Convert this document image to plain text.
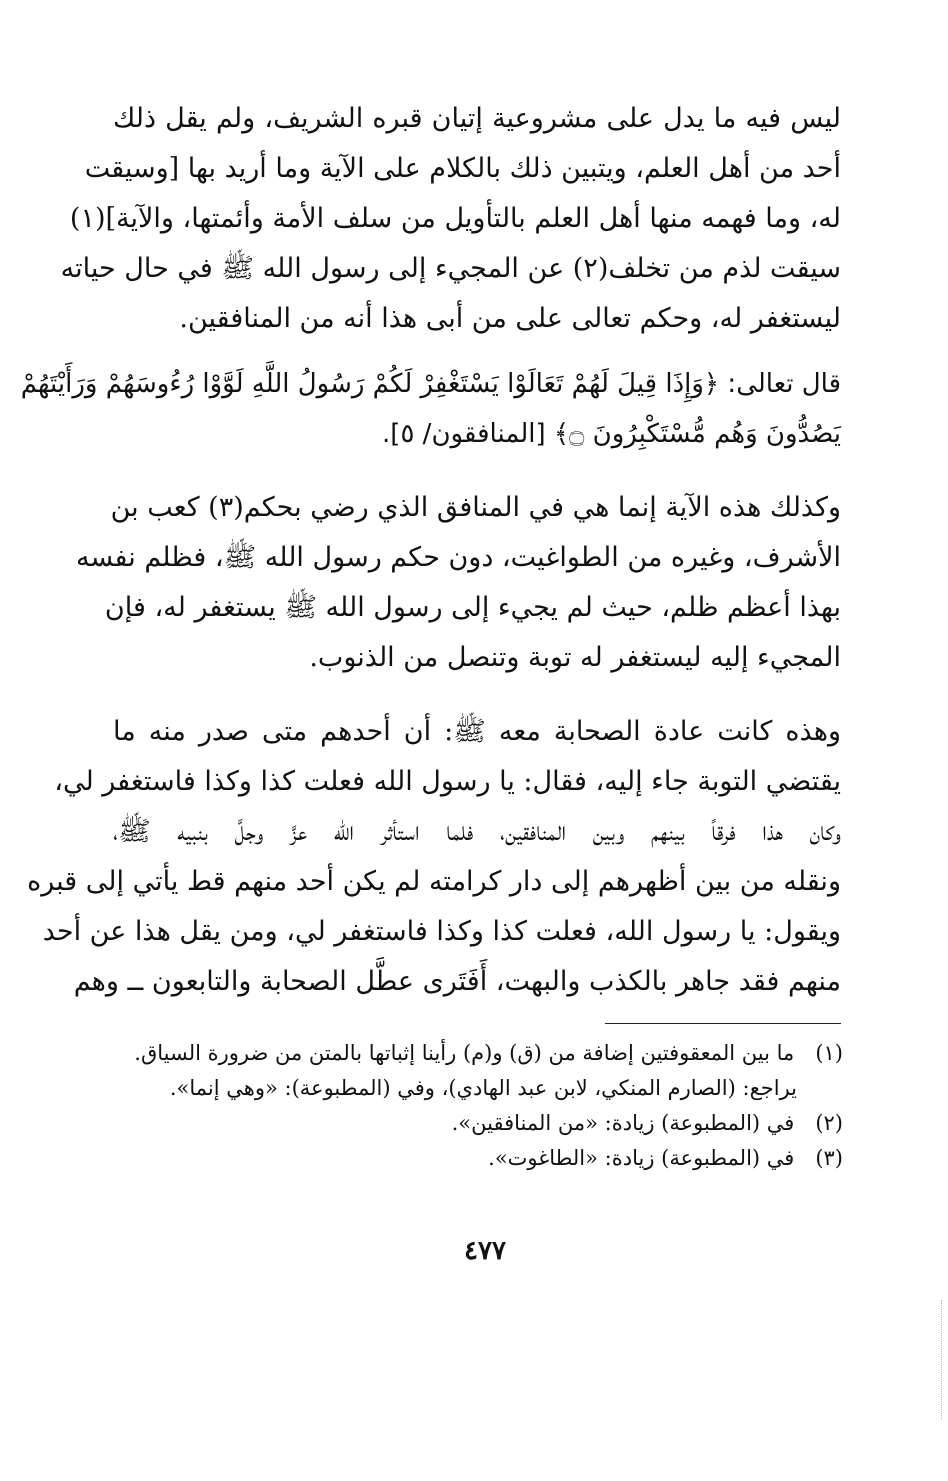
ليس فيه ما يدل على مشروعية إتيان قبره الشريف، ولم يقل ذلك
أحد من أهل العلم، ويتبين ذلك بالكلام على الآية وما أريد بها [وسيقت
له، وما فهمه منها أهل العلم بالتأويل من سلف الأمة وأئمتها، والآية](١)
سيقت لذم من تخلف(٢) عن المجيء إلى رسول الله ﷺ في حال حياته
ليستغفر له، وحكم تعالى على من أبى هذا أنه من المنافقين.
قال تعالى: ﴿وَإِذَا قِيلَ لَهُمْ تَعَالَوْا يَسْتَغْفِرْ لَكُمْ رَسُولُ اللَّهِ لَوَّوْا رُءُوسَهُمْ وَرَأَيْتَهُمْ
يَصُدُّونَ وَهُم مُّسْتَكْبِرُونَ ۝﴾ [المنافقون/ ٥].
وكذلك هذه الآية إنما هي في المنافق الذي رضي بحكم(٣) كعب بن
الأشرف، وغيره من الطواغيت، دون حكم رسول الله ﷺ، فظلم نفسه
بهذا أعظم ظلم، حيث لم يجيء إلى رسول الله ﷺ يستغفر له، فإن
المجيء إليه ليستغفر له توبة وتنصل من الذنوب.
وهذه كانت عادة الصحابة معه ﷺ: أن أحدهم متى صدر منه ما
يقتضي التوبة جاء إليه، فقال: يا رسول الله فعلت كذا وكذا فاستغفر لي،
وكان هذا فرقاً بينهم وبين المنافقين، فلما استأثر الله عزَّ وجلَّ بنبيه ﷺ،
ونقله من بين أظهرهم إلى دار كرامته لم يكن أحد منهم قط يأتي إلى قبره
ويقول: يا رسول الله، فعلت كذا وكذا فاستغفر لي، ومن يقل هذا عن أحد
منهم فقد جاهر بالكذب والبهت، أَفَتَرى عطَّل الصحابة والتابعون ــ وهم
(١) ما بين المعقوفتين إضافة من (ق) و(م) رأينا إثباتها بالمتن من ضرورة السياق.
يراجع: (الصارم المنكي، لابن عبد الهادي)، وفي (المطبوعة): «وهي إنما».
(٢) في (المطبوعة) زيادة: «من المنافقين».
(٣) في (المطبوعة) زيادة: «الطاغوت».
٤٧٧
